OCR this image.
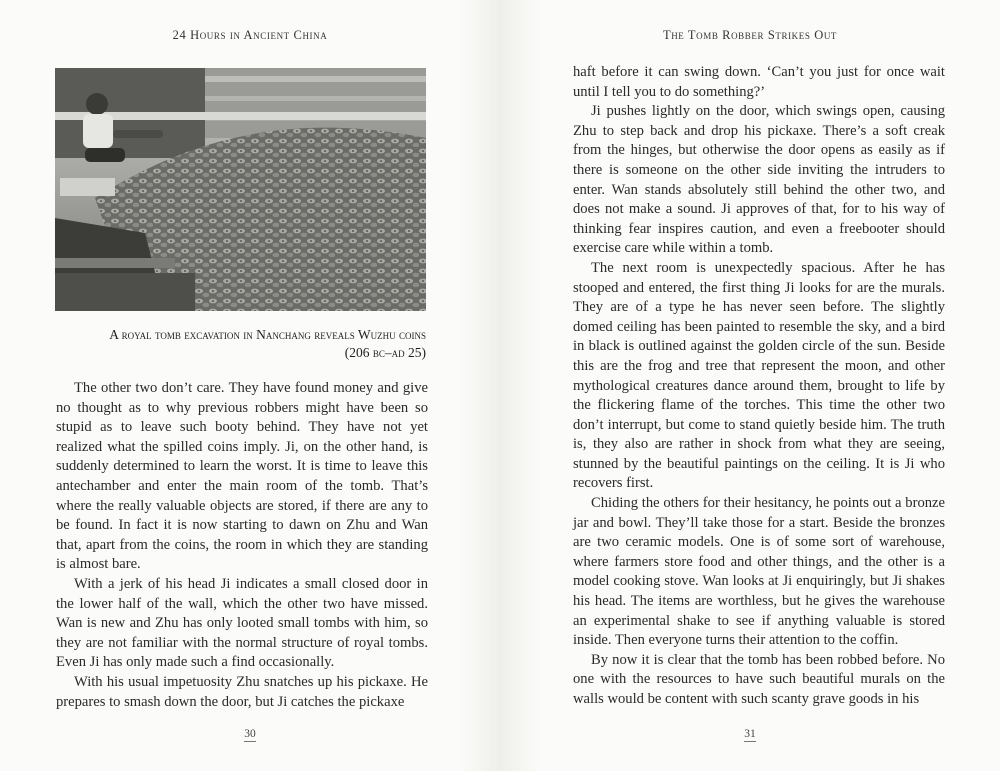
24 Hours in Ancient China
A royal tomb excavation in Nanchang reveals Wuzhu coins
(206 bc–ad 25)

The other two don’t care. They have found money and give no thought as to why previous robbers might have been so stupid as to leave such booty behind. They have not yet realized what the spilled coins imply. Ji, on the other hand, is suddenly determined to learn the worst. It is time to leave this antechamber and enter the main room of the tomb. That’s where the really valuable objects are stored, if there are any to be found. In fact it is now starting to dawn on Zhu and Wan that, apart from the coins, the room in which they are standing is almost bare.

With a jerk of his head Ji indicates a small closed door in the lower half of the wall, which the other two have missed. Wan is new and Zhu has only looted small tombs with him, so they are not familiar with the normal structure of royal tombs. Even Ji has only made such a find occasionally.

With his usual impetuosity Zhu snatches up his pickaxe. He prepares to smash down the door, but Ji catches the pickaxe

30
The Tomb Robber Strikes Out

haft before it can swing down. ‘Can’t you just for once wait until I tell you to do something?’

Ji pushes lightly on the door, which swings open, causing Zhu to step back and drop his pickaxe. There’s a soft creak from the hinges, but otherwise the door opens as easily as if there is someone on the other side inviting the intruders to enter. Wan stands absolutely still behind the other two, and does not make a sound. Ji approves of that, for to his way of thinking fear inspires caution, and even a freebooter should exercise care while within a tomb.

The next room is unexpectedly spacious. After he has stooped and entered, the first thing Ji looks for are the murals. They are of a type he has never seen before. The slightly domed ceiling has been painted to resemble the sky, and a bird in black is outlined against the golden circle of the sun. Beside this are the frog and tree that represent the moon, and other mythological creatures dance around them, brought to life by the flickering flame of the torches. This time the other two don’t interrupt, but come to stand quietly beside him. The truth is, they also are rather in shock from what they are seeing, stunned by the beautiful paintings on the ceiling. It is Ji who recovers first.

Chiding the others for their hesitancy, he points out a bronze jar and bowl. They’ll take those for a start. Beside the bronzes are two ceramic models. One is of some sort of warehouse, where farmers store food and other things, and the other is a model cooking stove. Wan looks at Ji enquiringly, but Ji shakes his head. The items are worthless, but he gives the warehouse an experimental shake to see if anything valuable is stored inside. Then everyone turns their attention to the coffin.

By now it is clear that the tomb has been robbed before. No one with the resources to have such beautiful murals on the walls would be content with such scanty grave goods in his

31
